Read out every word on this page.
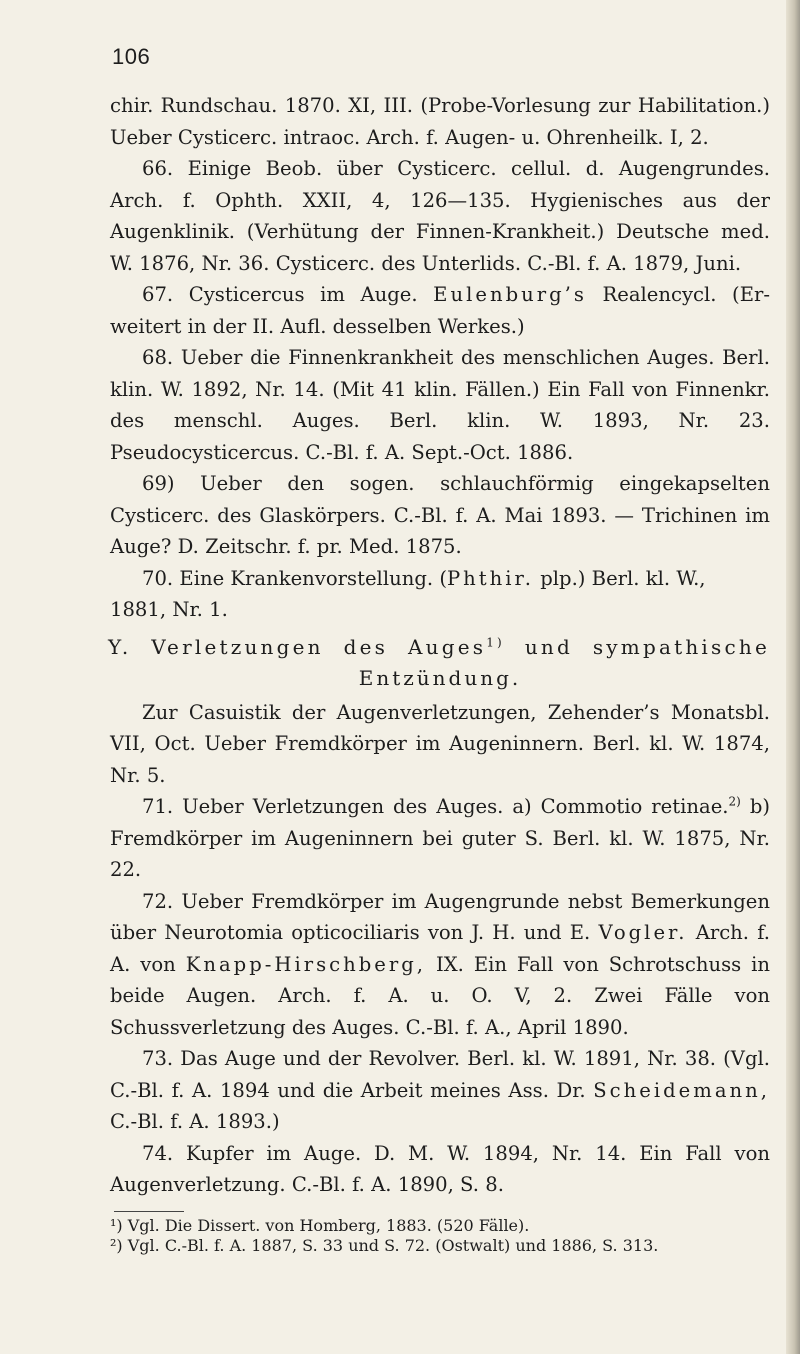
106

chir. Rundschau. 1870. XI, III. (Probe-Vorlesung zur Habilitation.) Ueber Cysticerc. intraoc. Arch. f. Augen- u. Ohrenheilk. I, 2.

66. Einige Beob. über Cysticerc. cellul. d. Augengrundes. Arch. f. Ophth. XXII, 4, 126—135. Hygienisches aus der Augenklinik. (Verhütung der Finnen-Krankheit.) Deutsche med. W. 1876, Nr. 36. Cysticerc. des Unterlids. C.-Bl. f. A. 1879, Juni.

67. Cysticercus im Auge. Eulenburg’s Realencycl. (Erweitert in der II. Aufl. desselben Werkes.)

68. Ueber die Finnenkrankheit des menschlichen Auges. Berl. klin. W. 1892, Nr. 14. (Mit 41 klin. Fällen.) Ein Fall von Finnenkr. des menschl. Auges. Berl. klin. W. 1893, Nr. 23. Pseudocysticercus. C.-Bl. f. A. Sept.-Oct. 1886.

69) Ueber den sogen. schlauchförmig eingekapselten Cysticerc. des Glaskörpers. C.-Bl. f. A. Mai 1893. — Trichinen im Auge? D. Zeitschr. f. pr. Med. 1875.

70. Eine Krankenvorstellung. (Phthir. plp.) Berl. kl. W.,

1881, Nr. 1.

Y. Verletzungen des Auges$^{1)}$ und sympathische
Entzündung.

Zur Casuistik der Augenverletzungen, Zehender’s Monatsbl. VII, Oct. Ueber Fremdkörper im Augeninnern. Berl. kl. W. 1874, Nr. 5.

71. Ueber Verletzungen des Auges. a) Commotio retinae.$^{2)}$ b) Fremdkörper im Augeninnern bei guter S. Berl. kl. W. 1875, Nr. 22.

72. Ueber Fremdkörper im Augengrunde nebst Bemerkungen über Neurotomia opticociliaris von J. H. und E. Vogler. Arch. f. A. von Knapp-Hirschberg, IX. Ein Fall von Schrotschuss in beide Augen. Arch. f. A. u. O. V, 2. Zwei Fälle von Schussverletzung des Auges. C.-Bl. f. A., April 1890.

73. Das Auge und der Revolver. Berl. kl. W. 1891, Nr. 38. (Vgl. C.-Bl. f. A. 1894 und die Arbeit meines Ass. Dr. Scheidemann, C.-Bl. f. A. 1893.)

74. Kupfer im Auge. D. M. W. 1894, Nr. 14. Ein Fall von Augenverletzung. C.-Bl. f. A. 1890, S. 8.

¹) Vgl. Die Dissert. von Homberg, 1883. (520 Fälle).

²) Vgl. C.-Bl. f. A. 1887, S. 33 und S. 72. (Ostwalt) und 1886, S. 313.
